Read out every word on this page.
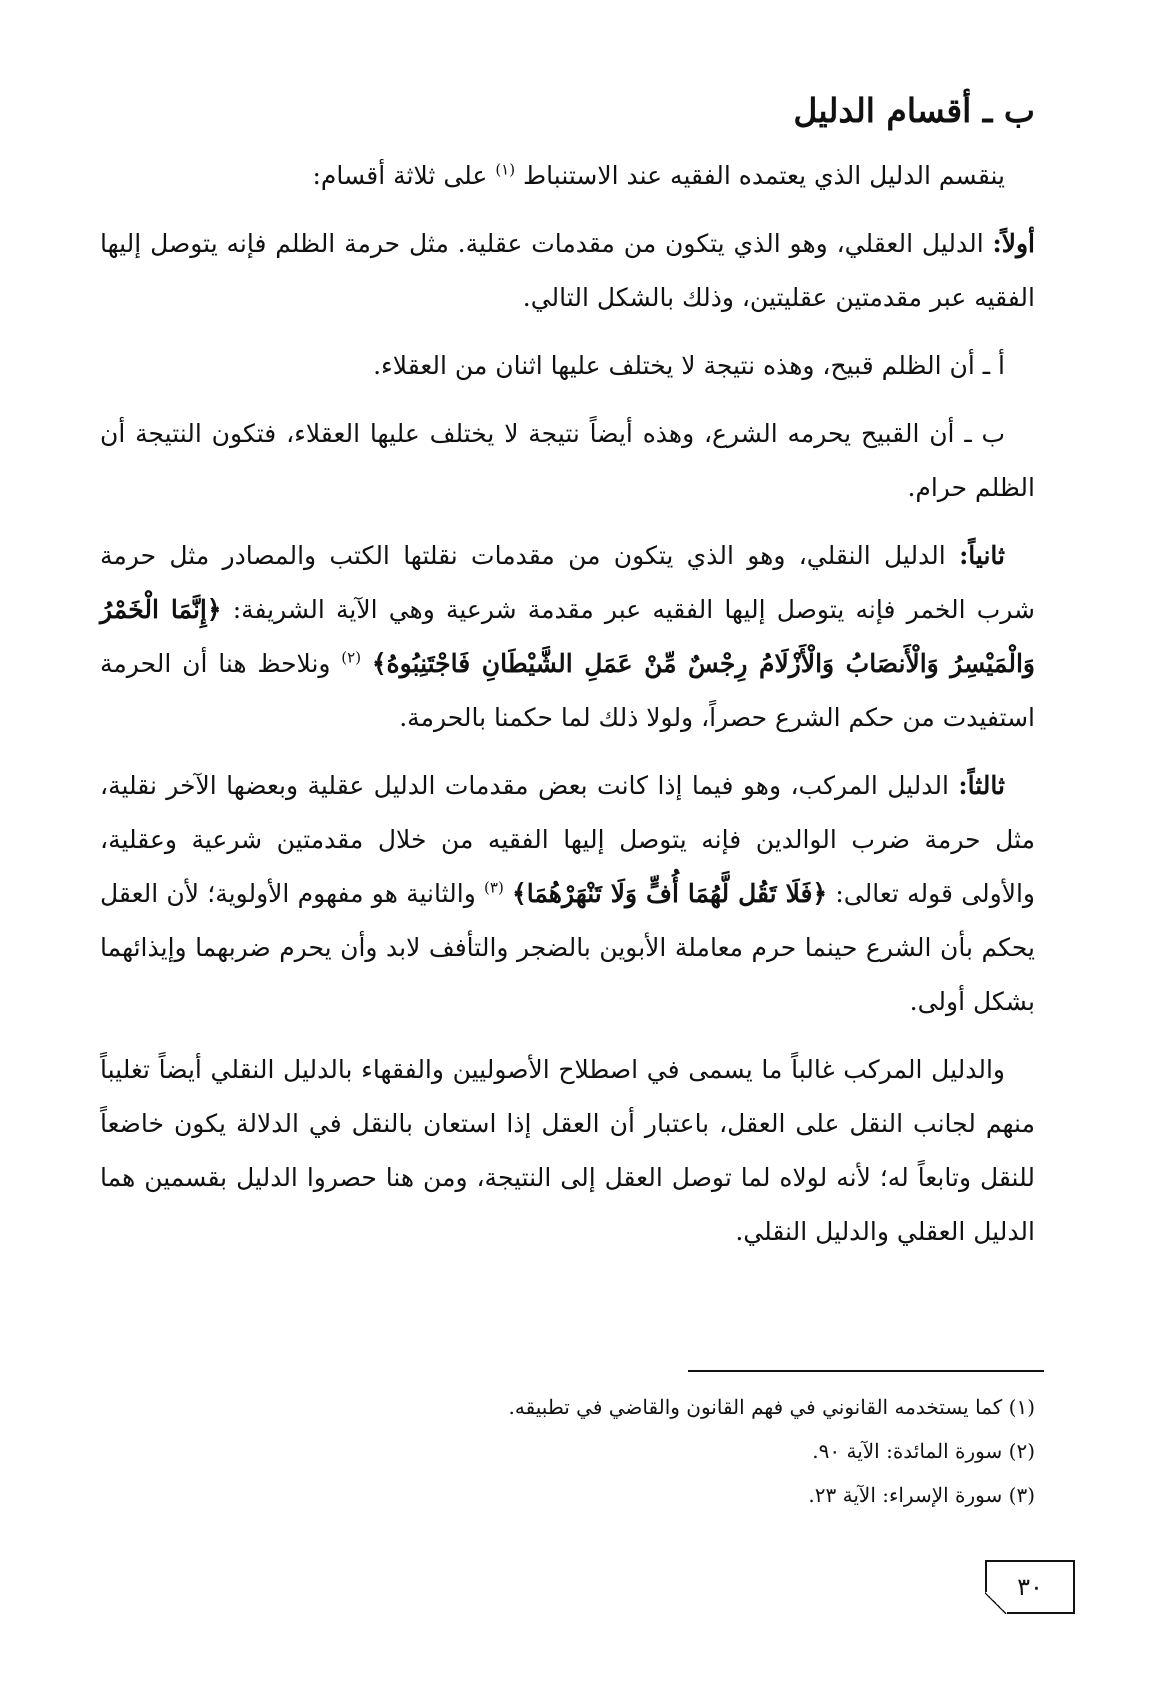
ب ـ أقسام الدليل

ينقسم الدليل الذي يعتمده الفقيه عند الاستنباط $^{(١)}$ على ثلاثة أقسام:

أولاً: الدليل العقلي، وهو الذي يتكون من مقدمات عقلية. مثل حرمة الظلم فإنه يتوصل إليها الفقيه عبر مقدمتين عقليتين، وذلك بالشكل التالي.

أ ـ أن الظلم قبيح، وهذه نتيجة لا يختلف عليها اثنان من العقلاء.

ب ـ أن القبيح يحرمه الشرع، وهذه أيضاً نتيجة لا يختلف عليها العقلاء، فتكون النتيجة أن الظلم حرام.

ثانياً: الدليل النقلي، وهو الذي يتكون من مقدمات نقلتها الكتب والمصادر مثل حرمة شرب الخمر فإنه يتوصل إليها الفقيه عبر مقدمة شرعية وهي الآية الشريفة: ﴿إِنَّمَا الْخَمْرُ وَالْمَيْسِرُ وَالْأَنصَابُ وَالْأَزْلَامُ رِجْسٌ مِّنْ عَمَلِ الشَّيْطَانِ فَاجْتَنِبُوهُ﴾ $^{(٢)}$ ونلاحظ هنا أن الحرمة استفيدت من حكم الشرع حصراً، ولولا ذلك لما حكمنا بالحرمة.

ثالثاً: الدليل المركب، وهو فيما إذا كانت بعض مقدمات الدليل عقلية وبعضها الآخر نقلية، مثل حرمة ضرب الوالدين فإنه يتوصل إليها الفقيه من خلال مقدمتين شرعية وعقلية، والأولى قوله تعالى: ﴿فَلَا تَقُل لَّهُمَا أُفٍّ وَلَا تَنْهَرْهُمَا﴾ $^{(٣)}$ والثانية هو مفهوم الأولوية؛ لأن العقل يحكم بأن الشرع حينما حرم معاملة الأبوين بالضجر والتأفف لابد وأن يحرم ضربهما وإيذائهما بشكل أولى.

والدليل المركب غالباً ما يسمى في اصطلاح الأصوليين والفقهاء بالدليل النقلي أيضاً تغليباً منهم لجانب النقل على العقل، باعتبار أن العقل إذا استعان بالنقل في الدلالة يكون خاضعاً للنقل وتابعاً له؛ لأنه لولاه لما توصل العقل إلى النتيجة، ومن هنا حصروا الدليل بقسمين هما الدليل العقلي والدليل النقلي.

(١) كما يستخدمه القانوني في فهم القانون والقاضي في تطبيقه.

(٢) سورة المائدة: الآية ٩٠.

(٣) سورة الإسراء: الآية ٢٣.

٣٠
